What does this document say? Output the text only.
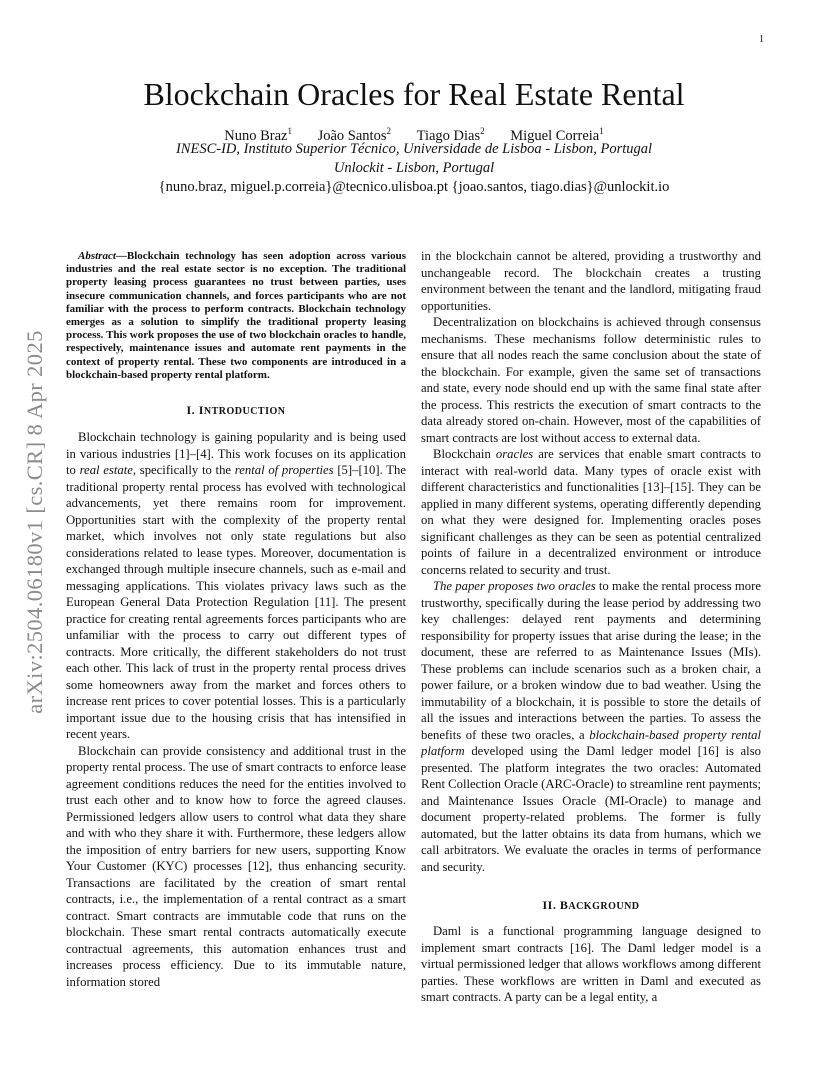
1
arXiv:2504.06180v1 [cs.CR] 8 Apr 2025
Blockchain Oracles for Real Estate Rental
Nuno Braz$^1$ João Santos$^2$ Tiago Dias$^2$ Miguel Correia$^1$
INESC-ID, Instituto Superior Técnico, Universidade de Lisboa - Lisbon, Portugal
Unlockit - Lisbon, Portugal
{nuno.braz, miguel.p.correia}@tecnico.ulisboa.pt {joao.santos, tiago.dias}@unlockit.io

Abstract—Blockchain technology has seen adoption across various industries and the real estate sector is no exception. The traditional property leasing process guarantees no trust between parties, uses insecure communication channels, and forces participants who are not familiar with the process to perform contracts. Blockchain technology emerges as a solution to simplify the traditional property leasing process. This work proposes the use of two blockchain oracles to handle, respectively, maintenance issues and automate rent payments in the context of property rental. These two components are introduced in a blockchain-based property rental platform.

I. INTRODUCTION

Blockchain technology is gaining popularity and is being used in various industries [1]–[4]. This work focuses on its application to real estate, specifically to the rental of properties [5]–[10]. The traditional property rental process has evolved with technological advancements, yet there remains room for improvement. Opportunities start with the complexity of the property rental market, which involves not only state regulations but also considerations related to lease types. Moreover, documentation is exchanged through multiple insecure channels, such as e-mail and messaging applications. This violates privacy laws such as the European General Data Protection Regulation [11]. The present practice for creating rental agreements forces participants who are unfamiliar with the process to carry out different types of contracts. More critically, the different stakeholders do not trust each other. This lack of trust in the property rental process drives some homeowners away from the market and forces others to increase rent prices to cover potential losses. This is a particularly important issue due to the housing crisis that has intensified in recent years.

Blockchain can provide consistency and additional trust in the property rental process. The use of smart contracts to enforce lease agreement conditions reduces the need for the entities involved to trust each other and to know how to force the agreed clauses. Permissioned ledgers allow users to control what data they share and with who they share it with. Furthermore, these ledgers allow the imposition of entry barriers for new users, supporting Know Your Customer (KYC) processes [12], thus enhancing security. Transactions are facilitated by the creation of smart rental contracts, i.e., the implementation of a rental contract as a smart contract. Smart contracts are immutable code that runs on the blockchain. These smart rental contracts automatically execute contractual agreements, this automation enhances trust and increases process efficiency. Due to its immutable nature, information stored

in the blockchain cannot be altered, providing a trustworthy and unchangeable record. The blockchain creates a trusting environment between the tenant and the landlord, mitigating fraud opportunities.

Decentralization on blockchains is achieved through consensus mechanisms. These mechanisms follow deterministic rules to ensure that all nodes reach the same conclusion about the state of the blockchain. For example, given the same set of transactions and state, every node should end up with the same final state after the process. This restricts the execution of smart contracts to the data already stored on-chain. However, most of the capabilities of smart contracts are lost without access to external data.

Blockchain oracles are services that enable smart contracts to interact with real-world data. Many types of oracle exist with different characteristics and functionalities [13]–[15]. They can be applied in many different systems, operating differently depending on what they were designed for. Implementing oracles poses significant challenges as they can be seen as potential centralized points of failure in a decentralized environment or introduce concerns related to security and trust.

The paper proposes two oracles to make the rental process more trustworthy, specifically during the lease period by addressing two key challenges: delayed rent payments and determining responsibility for property issues that arise during the lease; in the document, these are referred to as Maintenance Issues (MIs). These problems can include scenarios such as a broken chair, a power failure, or a broken window due to bad weather. Using the immutability of a blockchain, it is possible to store the details of all the issues and interactions between the parties. To assess the benefits of these two oracles, a blockchain-based property rental platform developed using the Daml ledger model [16] is also presented. The platform integrates the two oracles: Automated Rent Collection Oracle (ARC-Oracle) to streamline rent payments; and Maintenance Issues Oracle (MI-Oracle) to manage and document property-related problems. The former is fully automated, but the latter obtains its data from humans, which we call arbitrators. We evaluate the oracles in terms of performance and security.

II. BACKGROUND

Daml is a functional programming language designed to implement smart contracts [16]. The Daml ledger model is a virtual permissioned ledger that allows workflows among different parties. These workflows are written in Daml and executed as smart contracts. A party can be a legal entity, a
